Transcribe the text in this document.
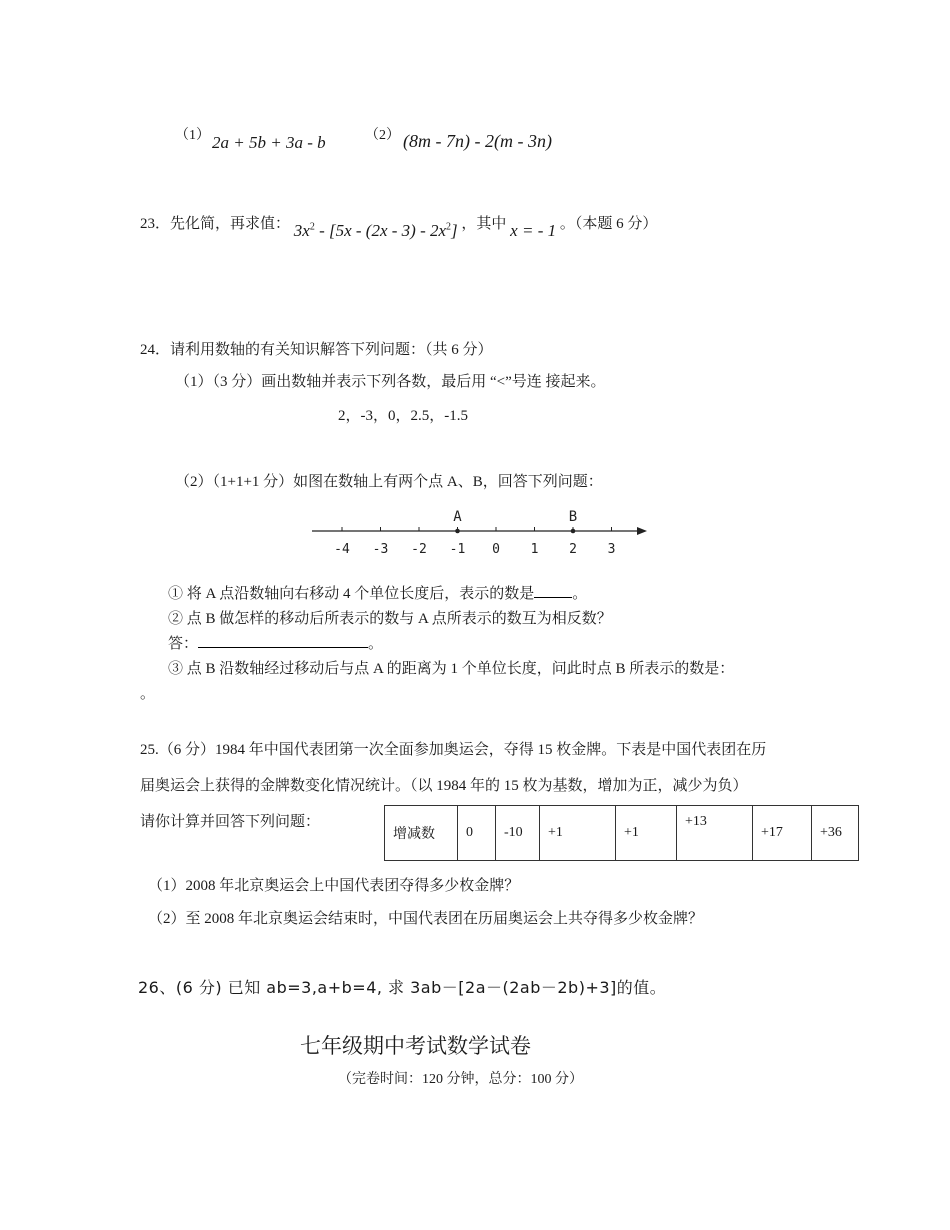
（1） 2a + 5b + 3a - b	（2） (8m - 7n) - 2(m - 3n)
23．先化简，再求值： $3x^2 - [5x - (2x - 3) - 2x^2]$ ，其中 x = - 1 。（本题 6 分）
24．请利用数轴的有关知识解答下列问题：（共 6 分）
（1）（3 分）画出数轴并表示下列各数，最后用 “<”号连 接起来。
2，-3，0，2.5，-1.5
（2）（1+1+1 分）如图在数轴上有两个点 A、B，回答下列问题：
-4 -3 -2 -1 0 1 2 3
A	B
① 将 A 点沿数轴向右移动 4 个单位长度后，表示的数是	。
② 点 B 做怎样的移动后所表示的数与 A 点所表示的数互为相反数？
答：	。
③ 点 B 沿数轴经过移动后与点 A 的距离为 1 个单位长度，问此时点 B 所表示的数是：
。
25.（6 分）1984 年中国代表团第一次全面参加奥运会，夺得 15 枚金牌。下表是中国代表团在历
届奥运会上获得的金牌数变化情况统计。（以 1984 年的 15 枚为基数，增加为正，减少为负）
请你计算并回答下列问题：
增减数	0	-10	+1	+1	+13	+17	+36
（1）2008 年北京奥运会上中国代表团夺得多少枚金牌？
（2）至 2008 年北京奥运会结束时，中国代表团在历届奥运会上共夺得多少枚金牌？
26、(6 分) 已知 ab=3,a+b=4, 求 3ab－[2a－(2ab－2b)+3]的值。
七年级期中考试数学试卷
（完卷时间：120 分钟，总分：100 分）
